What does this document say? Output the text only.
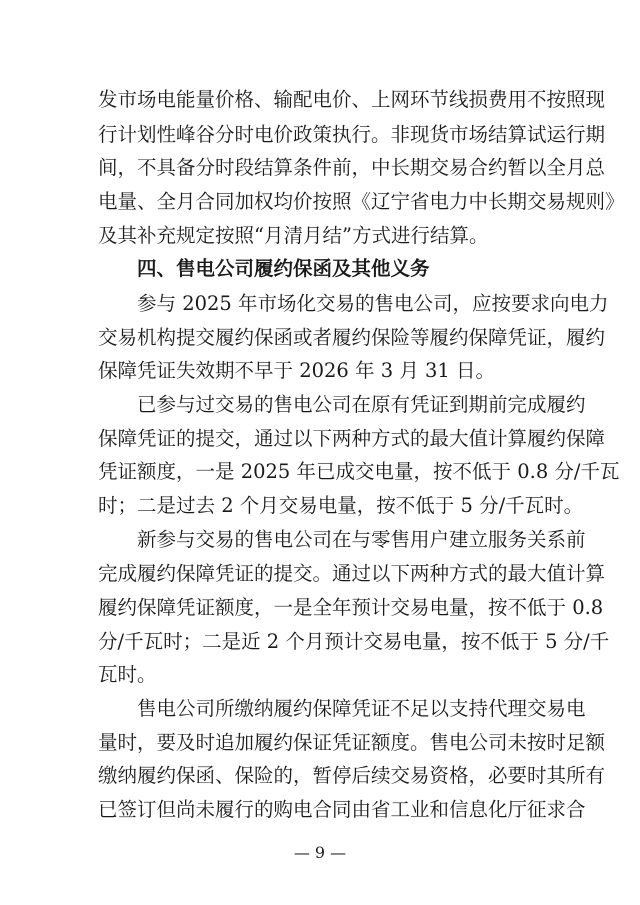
发市场电能量价格、输配电价、上网环节线损费用不按照现
行计划性峰谷分时电价政策执行。非现货市场结算试运行期
间，不具备分时段结算条件前，中长期交易合约暂以全月总
电量、全月合同加权均价按照《辽宁省电力中长期交易规则》
及其补充规定按照“月清月结”方式进行结算。
四、售电公司履约保函及其他义务
参与 2025 年市场化交易的售电公司，应按要求向电力
交易机构提交履约保函或者履约保险等履约保障凭证，履约
保障凭证失效期不早于 2026 年 3 月 31 日。
已参与过交易的售电公司在原有凭证到期前完成履约
保障凭证的提交，通过以下两种方式的最大值计算履约保障
凭证额度，一是 2025 年已成交电量，按不低于 0.8 分/千瓦
时；二是过去 2 个月交易电量，按不低于 5 分/千瓦时。
新参与交易的售电公司在与零售用户建立服务关系前
完成履约保障凭证的提交。通过以下两种方式的最大值计算
履约保障凭证额度，一是全年预计交易电量，按不低于 0.8
分/千瓦时；二是近 2 个月预计交易电量，按不低于 5 分/千
瓦时。
售电公司所缴纳履约保障凭证不足以支持代理交易电
量时，要及时追加履约保证凭证额度。售电公司未按时足额
缴纳履约保函、保险的，暂停后续交易资格，必要时其所有
已签订但尚未履行的购电合同由省工业和信息化厅征求合
— 9 —
